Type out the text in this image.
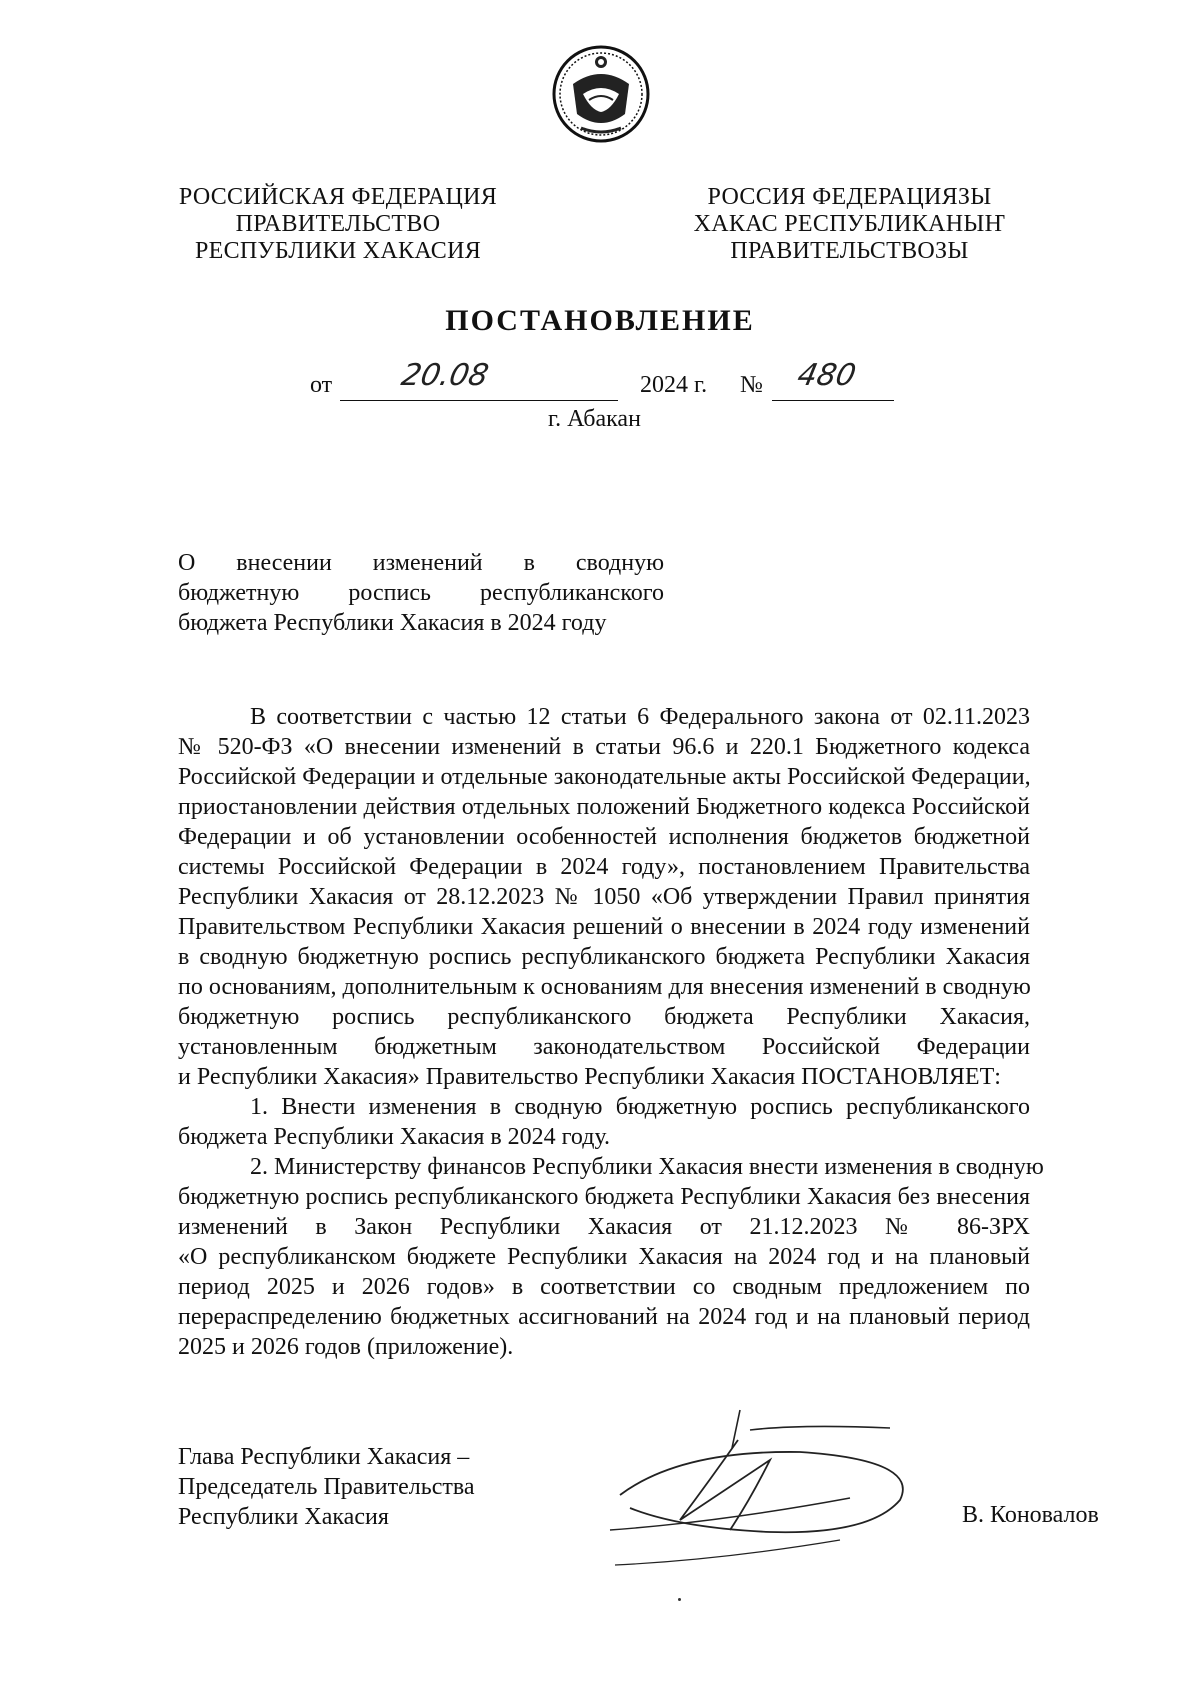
РОССИЙСКАЯ ФЕДЕРАЦИЯ
ПРАВИТЕЛЬСТВО
РЕСПУБЛИКИ ХАКАСИЯ
РОССИЯ ФЕДЕРАЦИЯЗЫ
ХАКАС РЕСПУБЛИКАНЫҤ
ПРАВИТЕЛЬСТВОЗЫ
ПОСТАНОВЛЕНИЕ
от 20.08	2024 г. № 480
г. Абакан
О внесении изменений в сводную
бюджетную роспись республиканского
бюджета Республики Хакасия в 2024 году
В соответствии с частью 12 статьи 6 Федерального закона от 02.11.2023
№ 520-ФЗ «О внесении изменений в статьи 96.6 и 220.1 Бюджетного кодекса
Российской Федерации и отдельные законодательные акты Российской Федерации,
приостановлении действия отдельных положений Бюджетного кодекса Российской
Федерации и об установлении особенностей исполнения бюджетов бюджетной
системы Российской Федерации в 2024 году», постановлением Правительства
Республики Хакасия от 28.12.2023 № 1050 «Об утверждении Правил принятия
Правительством Республики Хакасия решений о внесении в 2024 году изменений
в сводную бюджетную роспись республиканского бюджета Республики Хакасия
по основаниям, дополнительным к основаниям для внесения изменений в сводную
бюджетную роспись республиканского бюджета Республики Хакасия,
установленным бюджетным законодательством Российской Федерации
и Республики Хакасия» Правительство Республики Хакасия ПОСТАНОВЛЯЕТ:
1. Внести изменения в сводную бюджетную роспись республиканского
бюджета Республики Хакасия в 2024 году.
2. Министерству финансов Республики Хакасия внести изменения в сводную
бюджетную роспись республиканского бюджета Республики Хакасия без внесения
изменений в Закон Республики Хакасия от 21.12.2023 № 86-ЗРХ
«О республиканском бюджете Республики Хакасия на 2024 год и на плановый
период 2025 и 2026 годов» в соответствии со сводным предложением по
перераспределению бюджетных ассигнований на 2024 год и на плановый период
2025 и 2026 годов (приложение).
Глава Республики Хакасия –
Председатель Правительства
Республики Хакасия	В. Коновалов
